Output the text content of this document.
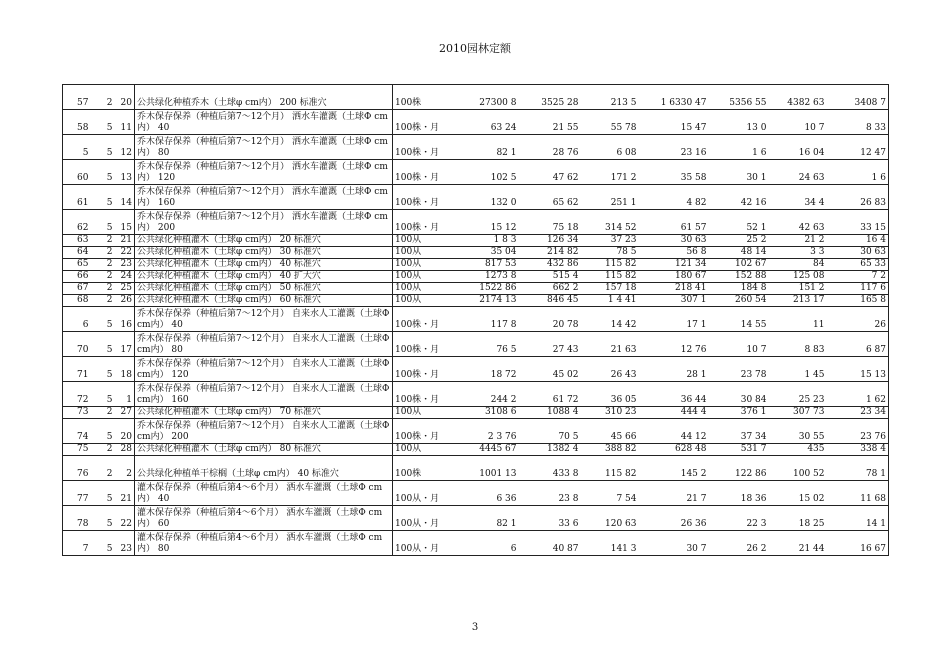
2010园林定额
57	2	20	公共绿化种植乔木（土球φ cm内） 200 标准穴	100株	27300 8	3525 28	213 5	1 6330 47	5356 55	4382 63	3408 7
58	5	11	乔木保存保养（种植后第7～12个月） 洒水车灌溉（土球Φ cm内） 40	100株・月	63 24	21 55	55 78	15 47	13 0	10 7	8 33
5	5	12	乔木保存保养（种植后第7～12个月） 洒水车灌溉（土球Φ cm内） 80	100株・月	82 1	28 76	6 08	23 16	1 6	16 04	12 47
60	5	13	乔木保存保养（种植后第7～12个月） 洒水车灌溉（土球Φ cm内） 120	100株・月	102 5	47 62	171 2	35 58	30 1	24 63	1 6
61	5	14	乔木保存保养（种植后第7～12个月） 洒水车灌溉（土球Φ cm内） 160	100株・月	132 0	65 62	251 1	4 82	42 16	34 4	26 83
62	5	15	乔木保存保养（种植后第7～12个月） 洒水车灌溉（土球Φ cm内） 200	100株・月	15 12	75 18	314 52	61 57	52 1	42 63	33 15
63	2	21	公共绿化种植灌木（土球φ cm内） 20 标准穴	100从	1 8 3	126 34	37 23	30 63	25 2	21 2	16 4
64	2	22	公共绿化种植灌木（土球φ cm内） 30 标准穴	100从	35 04	214 82	78 5	56 8	48 14	3 3	30 63
65	2	23	公共绿化种植灌木（土球φ cm内） 40 标准穴	100从	817 53	432 86	115 82	121 34	102 67	84	65 33
66	2	24	公共绿化种植灌木（土球φ cm内） 40 扩大穴	100从	1273 8	515 4	115 82	180 67	152 88	125 08	7 2
67	2	25	公共绿化种植灌木（土球φ cm内） 50 标准穴	100从	1522 86	662 2	157 18	218 41	184 8	151 2	117 6
68	2	26	公共绿化种植灌木（土球φ cm内） 60 标准穴	100从	2174 13	846 45	1 4 41	307 1	260 54	213 17	165 8
6	5	16	乔木保存保养（种植后第7～12个月） 自来水人工灌溉（土球Φ cm内） 40	100株・月	117 8	20 78	14 42	17 1	14 55	11	26
70	5	17	乔木保存保养（种植后第7～12个月） 自来水人工灌溉（土球Φ cm内） 80	100株・月	76 5	27 43	21 63	12 76	10 7	8 83	6 87
71	5	18	乔木保存保养（种植后第7～12个月） 自来水人工灌溉（土球Φ cm内） 120	100株・月	18 72	45 02	26 43	28 1	23 78	1 45	15 13
72	5	1	乔木保存保养（种植后第7～12个月） 自来水人工灌溉（土球Φ cm内） 160	100株・月	244 2	61 72	36 05	36 44	30 84	25 23	1 62
73	2	27	公共绿化种植灌木（土球φ cm内） 70 标准穴	100从	3108 6	1088 4	310 23	444 4	376 1	307 73	23 34
74	5	20	乔木保存保养（种植后第7～12个月） 自来水人工灌溉（土球Φ cm内） 200	100株・月	2 3 76	70 5	45 66	44 12	37 34	30 55	23 76
75	2	28	公共绿化种植灌木（土球φ cm内） 80 标准穴	100从	4445 67	1382 4	388 82	628 48	531 7	435	338 4
76	2	2	公共绿化种植单干棕榈（土球φ cm内） 40 标准穴	100株	1001 13	433 8	115 82	145 2	122 86	100 52	78 1
77	5	21	灌木保存保养（种植后第4～6个月） 洒水车灌溉（土球Φ cm内） 40	100从・月	6 36	23 8	7 54	21 7	18 36	15 02	11 68
78	5	22	灌木保存保养（种植后第4～6个月） 洒水车灌溉（土球Φ cm内） 60	100从・月	82 1	33 6	120 63	26 36	22 3	18 25	14 1
7	5	23	灌木保存保养（种植后第4～6个月） 洒水车灌溉（土球Φ cm内） 80	100从・月	6	40 87	141 3	30 7	26 2	21 44	16 67
3
